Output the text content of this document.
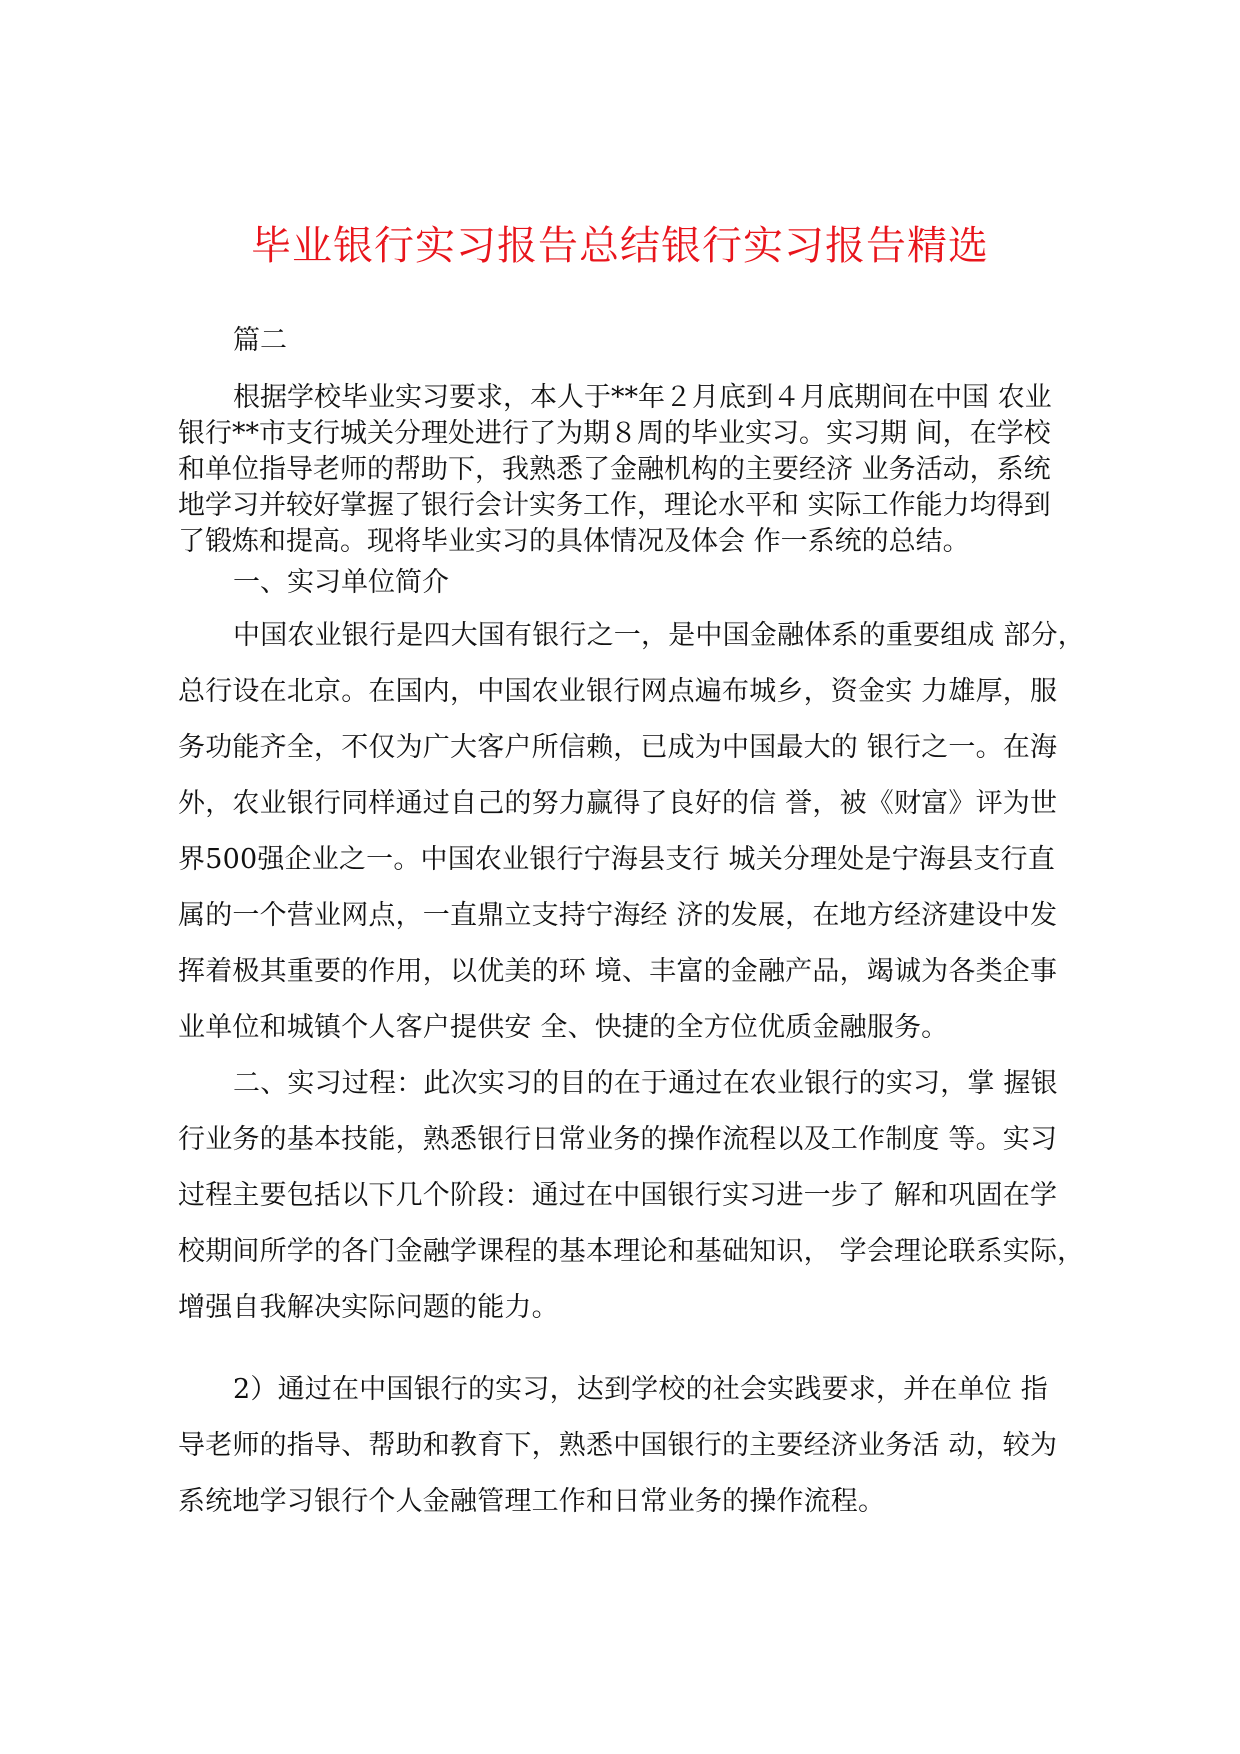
毕业银行实习报告总结银行实习报告精选
篇二
根据学校毕业实习要求，本人于**年２月底到４月底期间在中国 农业
银行**市支行城关分理处进行了为期８周的毕业实习。实习期 间，在学校
和单位指导老师的帮助下，我熟悉了金融机构的主要经济 业务活动，系统
地学习并较好掌握了银行会计实务工作，理论水平和 实际工作能力均得到
了锻炼和提高。现将毕业实习的具体情况及体会 作一系统的总结。
一、实习单位简介
中国农业银行是四大国有银行之一，是中国金融体系的重要组成 部分，
总行设在北京。在国内，中国农业银行网点遍布城乡，资金实 力雄厚，服
务功能齐全，不仅为广大客户所信赖，已成为中国最大的 银行之一。在海
外，农业银行同样通过自己的努力赢得了良好的信 誉，被《财富》评为世
界500强企业之一。中国农业银行宁海县支行 城关分理处是宁海县支行直
属的一个营业网点，一直鼎立支持宁海经 济的发展，在地方经济建设中发
挥着极其重要的作用，以优美的环 境、丰富的金融产品，竭诚为各类企事
业单位和城镇个人客户提供安 全、快捷的全方位优质金融服务。
二、实习过程：此次实习的目的在于通过在农业银行的实习，掌 握银
行业务的基本技能，熟悉银行日常业务的操作流程以及工作制度 等。实习
过程主要包括以下几个阶段：通过在中国银行实习进一步了 解和巩固在学
校期间所学的各门金融学课程的基本理论和基础知识， 学会理论联系实际，
增强自我解决实际问题的能力。
2）通过在中国银行的实习，达到学校的社会实践要求，并在单位 指
导老师的指导、帮助和教育下，熟悉中国银行的主要经济业务活 动，较为
系统地学习银行个人金融管理工作和日常业务的操作流程。
